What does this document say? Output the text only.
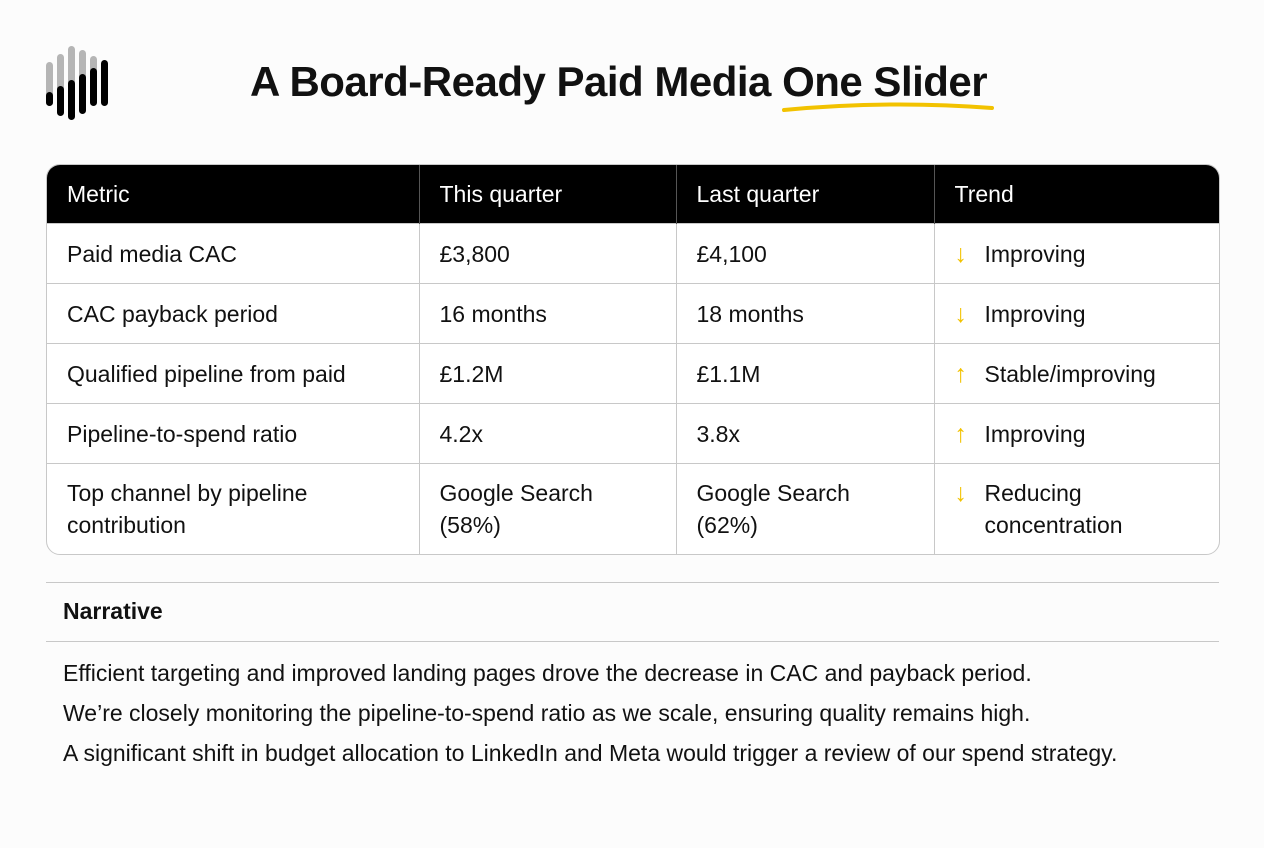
A Board-Ready Paid Media One Slider
Metric	This quarter	Last quarter	Trend
Paid media CAC	£3,800	£4,100	↓ Improving

CAC payback period	16 months	18 months	↓ Improving

Qualified pipeline from paid	£1.2M	£1.1M	↑ Stable/improving

Pipeline-to-spend ratio	4.2x	3.8x	↑ Improving

Top channel by pipeline contribution	Google Search (58%)	Google Search (62%)	↓ Reducing concentration
Narrative

Efficient targeting and improved landing pages drove the decrease in CAC and payback period.

We’re closely monitoring the pipeline-to-spend ratio as we scale, ensuring quality remains high.

A significant shift in budget allocation to LinkedIn and Meta would trigger a review of our spend strategy.
